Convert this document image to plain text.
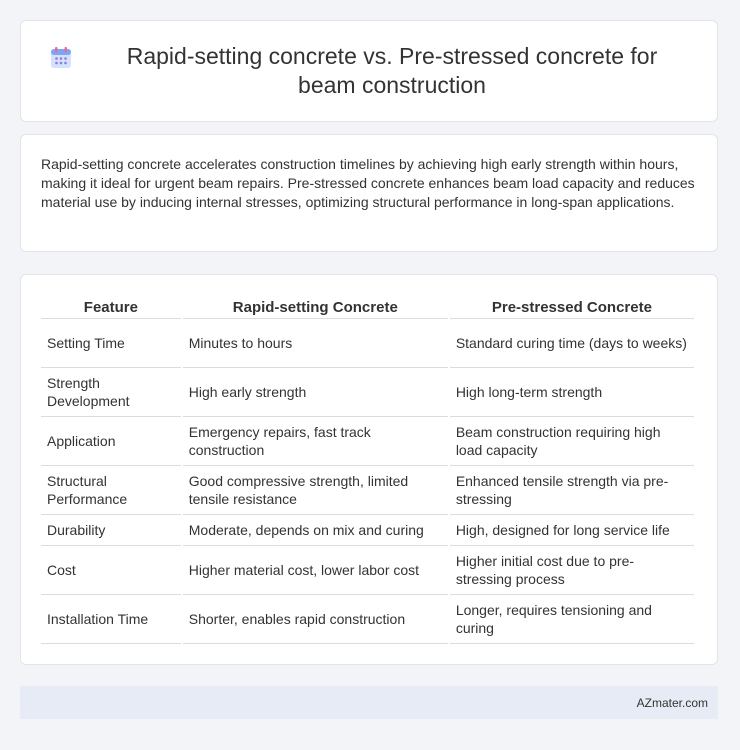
Rapid-setting concrete vs. Pre-stressed concrete for beam construction

Rapid-setting concrete accelerates construction timelines by achieving high early strength within hours, making it ideal for urgent beam repairs. Pre-stressed concrete enhances beam load capacity and reduces material use by inducing internal stresses, optimizing structural performance in long-span applications.

Feature	Rapid-setting Concrete	Pre-stressed Concrete
Setting Time	Minutes to hours	Standard curing time (days to weeks)
Strength Development	High early strength	High long-term strength
Application	Emergency repairs, fast track construction	Beam construction requiring high load capacity
Structural Performance	Good compressive strength, limited tensile resistance	Enhanced tensile strength via pre-stressing
Durability	Moderate, depends on mix and curing	High, designed for long service life
Cost	Higher material cost, lower labor cost	Higher initial cost due to pre-stressing process
Installation Time	Shorter, enables rapid construction	Longer, requires tensioning and curing
AZmater.com
